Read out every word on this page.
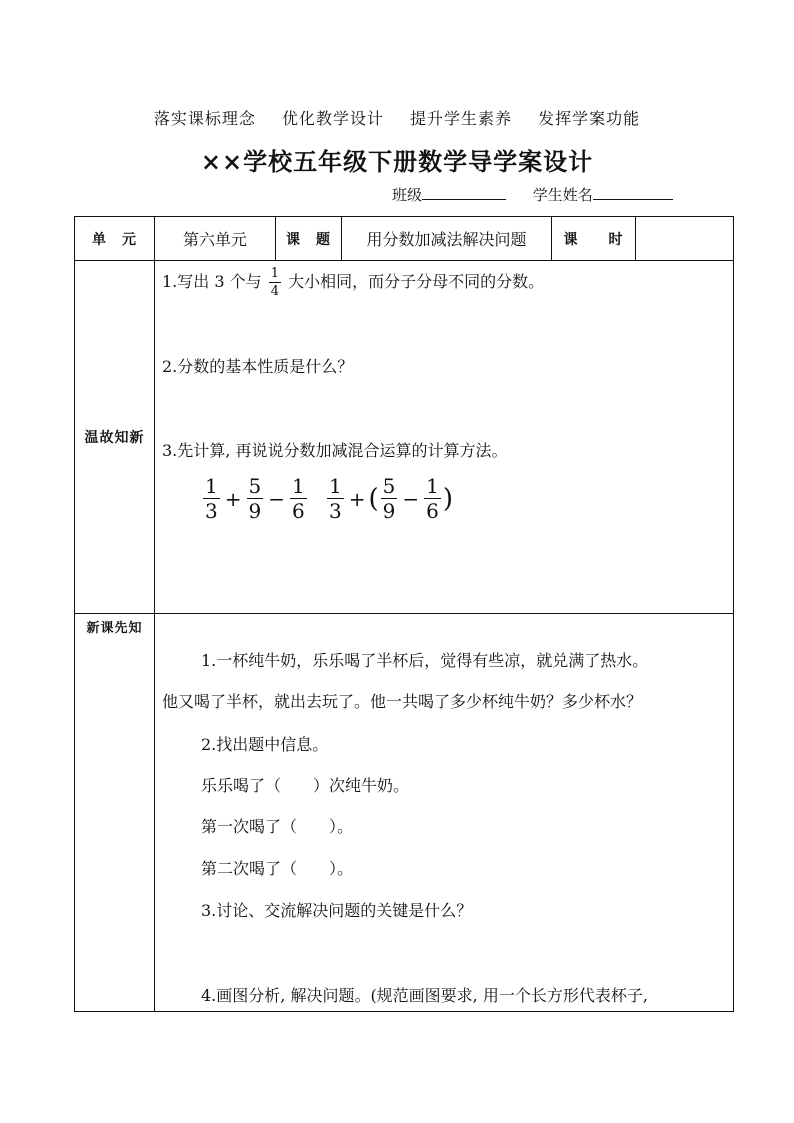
落实课标理念 优化教学设计 提升学生素养 发挥学案功能
××学校五年级下册数学导学案设计
班级	学生姓名
单　元	第六单元	课　题	用分数加减法解决问题	课　　时
温故知新
1.写出 3 个与 $\frac{1}{4}$ 大小相同，而分子分母不同的分数。
2.分数的基本性质是什么？
3.先计算, 再说说分数加减混合运算的计算方法。
$\frac{1}{3} + \frac{5}{9} - \frac{1}{6} \frac{1}{3}$ + ( $\frac{5}{9} - \frac{1}{6}$ )
新课先知
1.一杯纯牛奶，乐乐喝了半杯后，觉得有些凉，就兑满了热水。
他又喝了半杯，就出去玩了。他一共喝了多少杯纯牛奶？多少杯水？
2.找出题中信息。
乐乐喝了（　　）次纯牛奶。
第一次喝了（　　）。
第二次喝了（　　）。
3.讨论、交流解决问题的关键是什么？
4.画图分析, 解决问题。(规范画图要求, 用一个长方形代表杯子,
